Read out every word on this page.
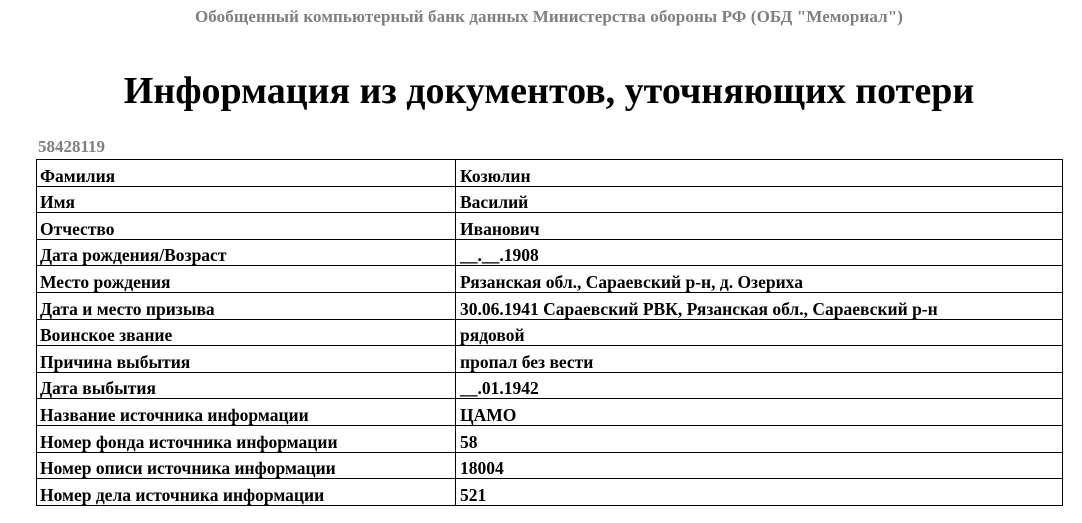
Обобщенный компьютерный банк данных Министерства обороны РФ (ОБД "Мемориал")
Информация из документов, уточняющих потери
58428119
Фамилия	Козюлин
Имя	Василий
Отчество	Иванович
Дата рождения/Возраст	__.__.1908
Место рождения	Рязанская обл., Сараевский р-н, д. Озериха
Дата и место призыва	30.06.1941 Сараевский РВК, Рязанская обл., Сараевский р-н
Воинское звание	рядовой
Причина выбытия	пропал без вести
Дата выбытия	__.01.1942
Название источника информации	ЦАМО
Номер фонда источника информации	58
Номер описи источника информации	18004
Номер дела источника информации	521
